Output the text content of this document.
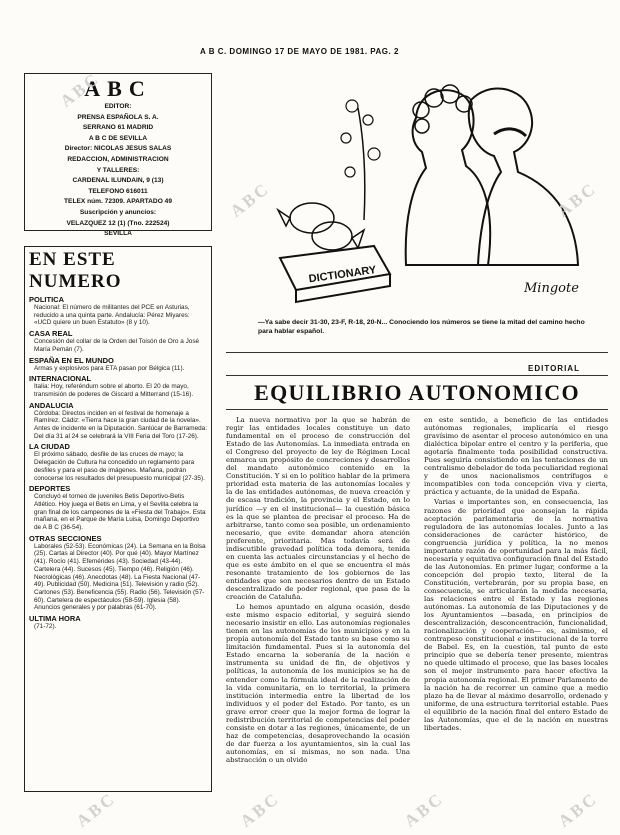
A B C. DOMINGO 17 DE MAYO DE 1981. PAG. 2
ABC
EDITOR:
PRENSA ESPAÑOLA S. A.
SERRANO 61 MADRID
A B C DE SEVILLA
Director: NICOLAS JESUS SALAS
REDACCION, ADMINISTRACION
Y TALLERES:
CARDENAL ILUNDAIN, 9 (13)
TELEFONO 616011
TELEX núm. 72309. APARTADO 49
Suscripción y anuncios:
VELAZQUEZ 12 (1) (Tno. 222524)
SEVILLA
EN ESTE NUMERO
POLITICA
Nacional: El número de militantes del PCE en Asturias, reducido a una quinta parte. Andalucía: Pérez Miyares: «UCD quiere un buen Estatuto» (8 y 10).
CASA REAL
Concesión del collar de la Orden del Toisón de Oro a José María Pemán (7).
ESPAÑA EN EL MUNDO
Armas y explosivos para ETA pasan por Bélgica (11).
INTERNACIONAL
Italia: Hoy, referéndum sobre el aborto. El 20 de mayo, transmisión de poderes de Giscard a Mitterrand (15-16).
ANDALUCIA
Córdoba: Directos inciden en el festival de homenaje a Ramírez. Cádiz: «Tierra hace la gran ciudad de la novela». Antes de incidente en la Diputación. Sanlúcar de Barrameda: Del día 31 al 24 se celebrará la VIII Feria del Toro (17-26).
LA CIUDAD
El próximo sábado, desfile de las cruces de mayo; la Delegación de Cultura ha concedido un reglamento para desfiles y para el paso de imágenes. Mañana, podrán conocerse los resultados del presupuesto municipal (27-35).
DEPORTES
Concluyó el torneo de juveniles Betis Deportivo-Betis Atlético. Hoy juega el Betis en Lima, y el Sevilla celebra la gran final de los campeones de la «Fiesta del Trabajo». Esta mañana, en el Parque de María Luisa, Domingo Deportivo de A B C (36-54).
OTRAS SECCIONES
Laborales (52-53). Económicas (24). La Semana en la Bolsa (25). Cartas al Director (40). Por qué (40). Mayor Martínez (41). Rocío (41). Efemérides (43). Sociedad (43-44). Cartelera (44). Sucesos (45). Tiempo (46). Religión (46). Necrológicas (46). Anecdotas (48). La Fiesta Nacional (47-49). Publicidad (50). Medicina (51). Televisión y radio (52). Cartones (53). Beneficencia (55). Radio (56). Televisión (57-60). Cartelera de espectáculos (58-59). Iglesia (58). Anuncios generales y por palabras (61-70).
ULTIMA HORA
(71-72).
DICTIONARY
Mingote
—Ya sabe decir 31-30, 23-F, R-18, 20-N... Conociendo los números se tiene la mitad del camino hecho para hablar español.
EDITORIAL
EQUILIBRIO AUTONOMICO

La nueva normativa por la que se habrán de regir las entidades locales constituye un dato fundamental en el proceso de construcción del Estado de las Autonomías. La inmediata entrada en el Congreso del proyecto de ley de Régimen Local enmarca un propósito de concreciones y desarrollos del mandato autonómico contenido en la Constitución. Y si en lo político hablar de la primera prioridad esta materia de las autonomías locales y la de las entidades autónomas, de nueva creación y de escasa tradición, la provincia y el Estado, en lo jurídico —y en el institucional— la cuestión básica es la que se plantea de precisar el proceso. Ha de arbitrarse, tanto como sea posible, un ordenamiento necesario, que evite demandar ahora atención preferente, prioritaria. Mas todavía será de indiscutible gravedad política toda demora, tenida en cuenta las actuales circunstancias y el hecho de que es este ámbito en el que se encuentra el más resonante tratamiento de los gobiernos de las entidades que son necesarios dentro de un Estado descentralizado de poder regional, que pasa de la creación de Cataluña.

Lo hemos apuntado en alguna ocasión, desde este mismo espacio editorial, y seguirá siendo necesario insistir en ello. Las autonomías regionales tienen en las autonomías de los municipios y en la propia autonomía del Estado tanto su base como su limitación fundamental. Pues si la autonomía del Estado encarna la soberanía de la nación e instrumenta su unidad de fin, de objetivos y políticas, la autonomía de los municipios se ha de entender como la fórmula ideal de la realización de la vida comunitaria, en lo territorial, la primera institución intermedia entre la libertad de los individuos y el poder del Estado. Por tanto, es un grave error creer que la mejor forma de lograr la redistribución territorial de competencias del poder consiste en dotar a las regiones, únicamente, de un haz de competencias, desaprovechando la ocasión de dar fuerza a los ayuntamientos, sin la cual las autonomías, en sí mismas, no son nada. Una abstracción o un olvido

en este sentido, a beneficio de las entidades autónomas regionales, implicaría el riesgo gravísimo de asentar el proceso autonómico en una dialéctica bipolar entre el centro y la periferia, que agotaría finalmente toda posibilidad constructiva. Pues seguiría consistiendo en las tentaciones de un centralismo debelador de toda peculiaridad regional y de unos nacionalismos centrífugos e incompatibles con toda concepción viva y cierta, práctica y actuante, de la unidad de España.

Varias e importantes son, en consecuencia, las razones de prioridad que aconsejan la rápida aceptación parlamentaria de la normativa reguladora de las autonomías locales. Junto a las consideraciones de carácter histórico, de congruencia jurídica y política, la no menos importante razón de oportunidad para la más fácil, necesaria y equitativa configuración final del Estado de las Autonomías. En primer lugar, conforme a la concepción del propio texto, literal de la Constitución, vertebrarán, por su propia base, en consecuencia, se articularán la medida necesaria, las relaciones entre el Estado y las regiones autónomas. La autonomía de las Diputaciones y de los Ayuntamientos —basada, en principios de descentralización, desconcentración, funcionalidad, racionalización y cooperación— es, asimismo, el contrapeso constitucional e institucional de la torre de Babel. Es, en la cuestión, tal punto de este principio que se debería tener presente, mientras no quede ultimado el proceso, que las bases locales son el mejor instrumento para hacer efectiva la propia autonomía regional. El primer Parlamento de la nación ha de recorrer un camino que a medio plazo ha de llevar al máximo desarrollo, ordenado y uniforme, de una estructura territorial estable. Pues el equilibrio de la nación final del entero Estado de las Autonomías, que el de la nación en nuestras libertades.

ABC
ABC	ABC
ABC	ABC	ABC	ABC
